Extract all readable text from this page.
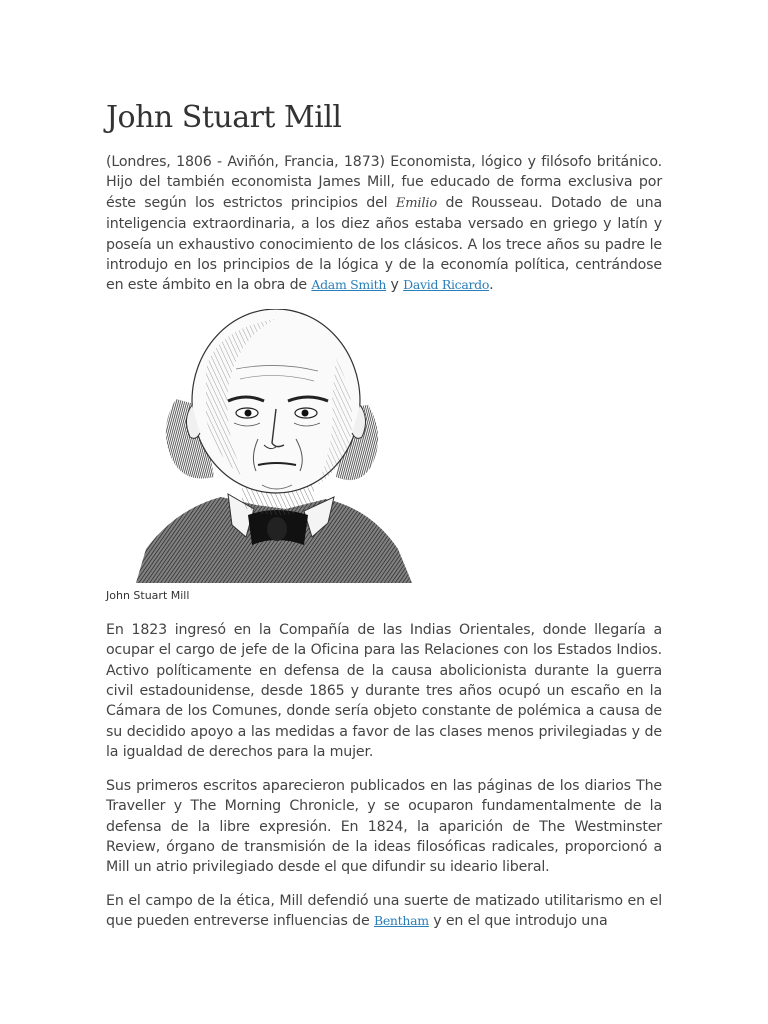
John Stuart Mill

(Londres, 1806 - Aviñón, Francia, 1873) Economista, lógico y filósofo británico. Hijo del también economista James Mill, fue educado de forma exclusiva por éste según los estrictos principios del Emilio de Rousseau. Dotado de una inteligencia extraordinaria, a los diez años estaba versado en griego y latín y poseía un exhaustivo conocimiento de los clásicos. A los trece años su padre le introdujo en los principios de la lógica y de la economía política, centrándose en este ámbito en la obra de Adam Smith y David Ricardo.

John Stuart Mill

En 1823 ingresó en la Compañía de las Indias Orientales, donde llegaría a ocupar el cargo de jefe de la Oficina para las Relaciones con los Estados Indios. Activo políticamente en defensa de la causa abolicionista durante la guerra civil estadounidense, desde 1865 y durante tres años ocupó un escaño en la Cámara de los Comunes, donde sería objeto constante de polémica a causa de su decidido apoyo a las medidas a favor de las clases menos privilegiadas y de la igualdad de derechos para la mujer.

Sus primeros escritos aparecieron publicados en las páginas de los diarios The Traveller y The Morning Chronicle, y se ocuparon fundamentalmente de la defensa de la libre expresión. En 1824, la aparición de The Westminster Review, órgano de transmisión de la ideas filosóficas radicales, proporcionó a Mill un atrio privilegiado desde el que difundir su ideario liberal.

En el campo de la ética, Mill defendió una suerte de matizado utilitarismo en el que pueden entreverse influencias de Bentham y en el que introdujo una
